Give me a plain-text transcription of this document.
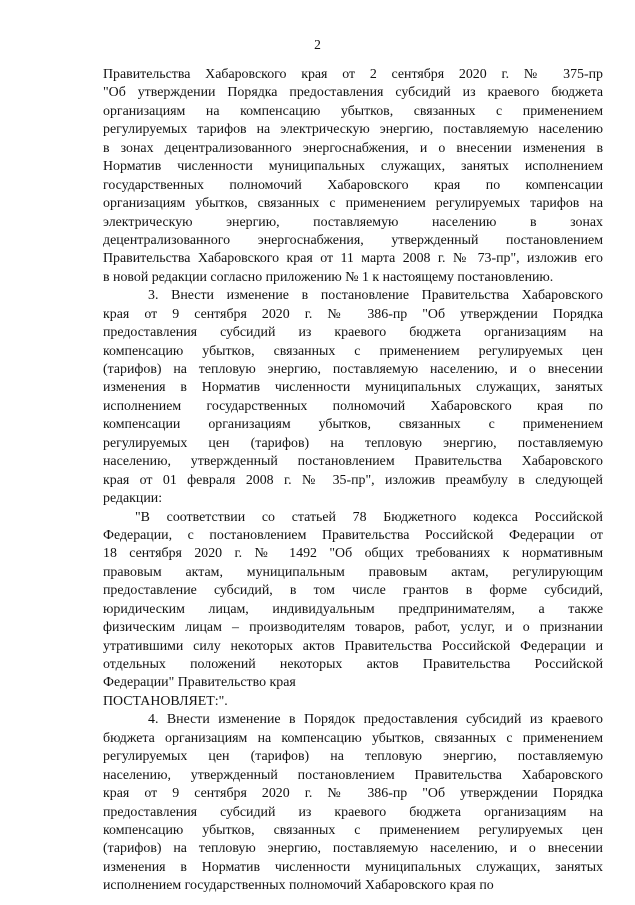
2
Правительства Хабаровского края от 2 сентября 2020 г. № 375-пр
"Об утверждении Порядка предоставления субсидий из краевого бюджета
организациям на компенсацию убытков, связанных с применением
регулируемых тарифов на электрическую энергию, поставляемую населению
в зонах децентрализованного энергоснабжения, и о внесении изменения в
Норматив численности муниципальных служащих, занятых исполнением
государственных полномочий Хабаровского края по компенсации
организациям убытков, связанных с применением регулируемых тарифов на
электрическую энергию, поставляемую населению в зонах
децентрализованного энергоснабжения, утвержденный постановлением
Правительства Хабаровского края от 11 марта 2008 г. № 73-пр", изложив его
в новой редакции согласно приложению № 1 к настоящему постановлению.
3. Внести изменение в постановление Правительства Хабаровского
края от 9 сентября 2020 г. № 386-пр "Об утверждении Порядка
предоставления субсидий из краевого бюджета организациям на
компенсацию убытков, связанных с применением регулируемых цен
(тарифов) на тепловую энергию, поставляемую населению, и о внесении
изменения в Норматив численности муниципальных служащих, занятых
исполнением государственных полномочий Хабаровского края по
компенсации организациям убытков, связанных с применением
регулируемых цен (тарифов) на тепловую энергию, поставляемую
населению, утвержденный постановлением Правительства Хабаровского
края от 01 февраля 2008 г. № 35-пр", изложив преамбулу в следующей
редакции:
"В соответствии со статьей 78 Бюджетного кодекса Российской
Федерации, с постановлением Правительства Российской Федерации от
18 сентября 2020 г. № 1492 "Об общих требованиях к нормативным
правовым актам, муниципальным правовым актам, регулирующим
предоставление субсидий, в том числе грантов в форме субсидий,
юридическим лицам, индивидуальным предпринимателям, а также
физическим лицам – производителям товаров, работ, услуг, и о признании
утратившими силу некоторых актов Правительства Российской Федерации и
отдельных положений некоторых актов Правительства Российской
Федерации" Правительство края
ПОСТАНОВЛЯЕТ:".
4. Внести изменение в Порядок предоставления субсидий из краевого
бюджета организациям на компенсацию убытков, связанных с применением
регулируемых цен (тарифов) на тепловую энергию, поставляемую
населению, утвержденный постановлением Правительства Хабаровского
края от 9 сентября 2020 г. № 386-пр "Об утверждении Порядка
предоставления субсидий из краевого бюджета организациям на
компенсацию убытков, связанных с применением регулируемых цен
(тарифов) на тепловую энергию, поставляемую населению, и о внесении
изменения в Норматив численности муниципальных служащих, занятых
исполнением государственных полномочий Хабаровского края по
